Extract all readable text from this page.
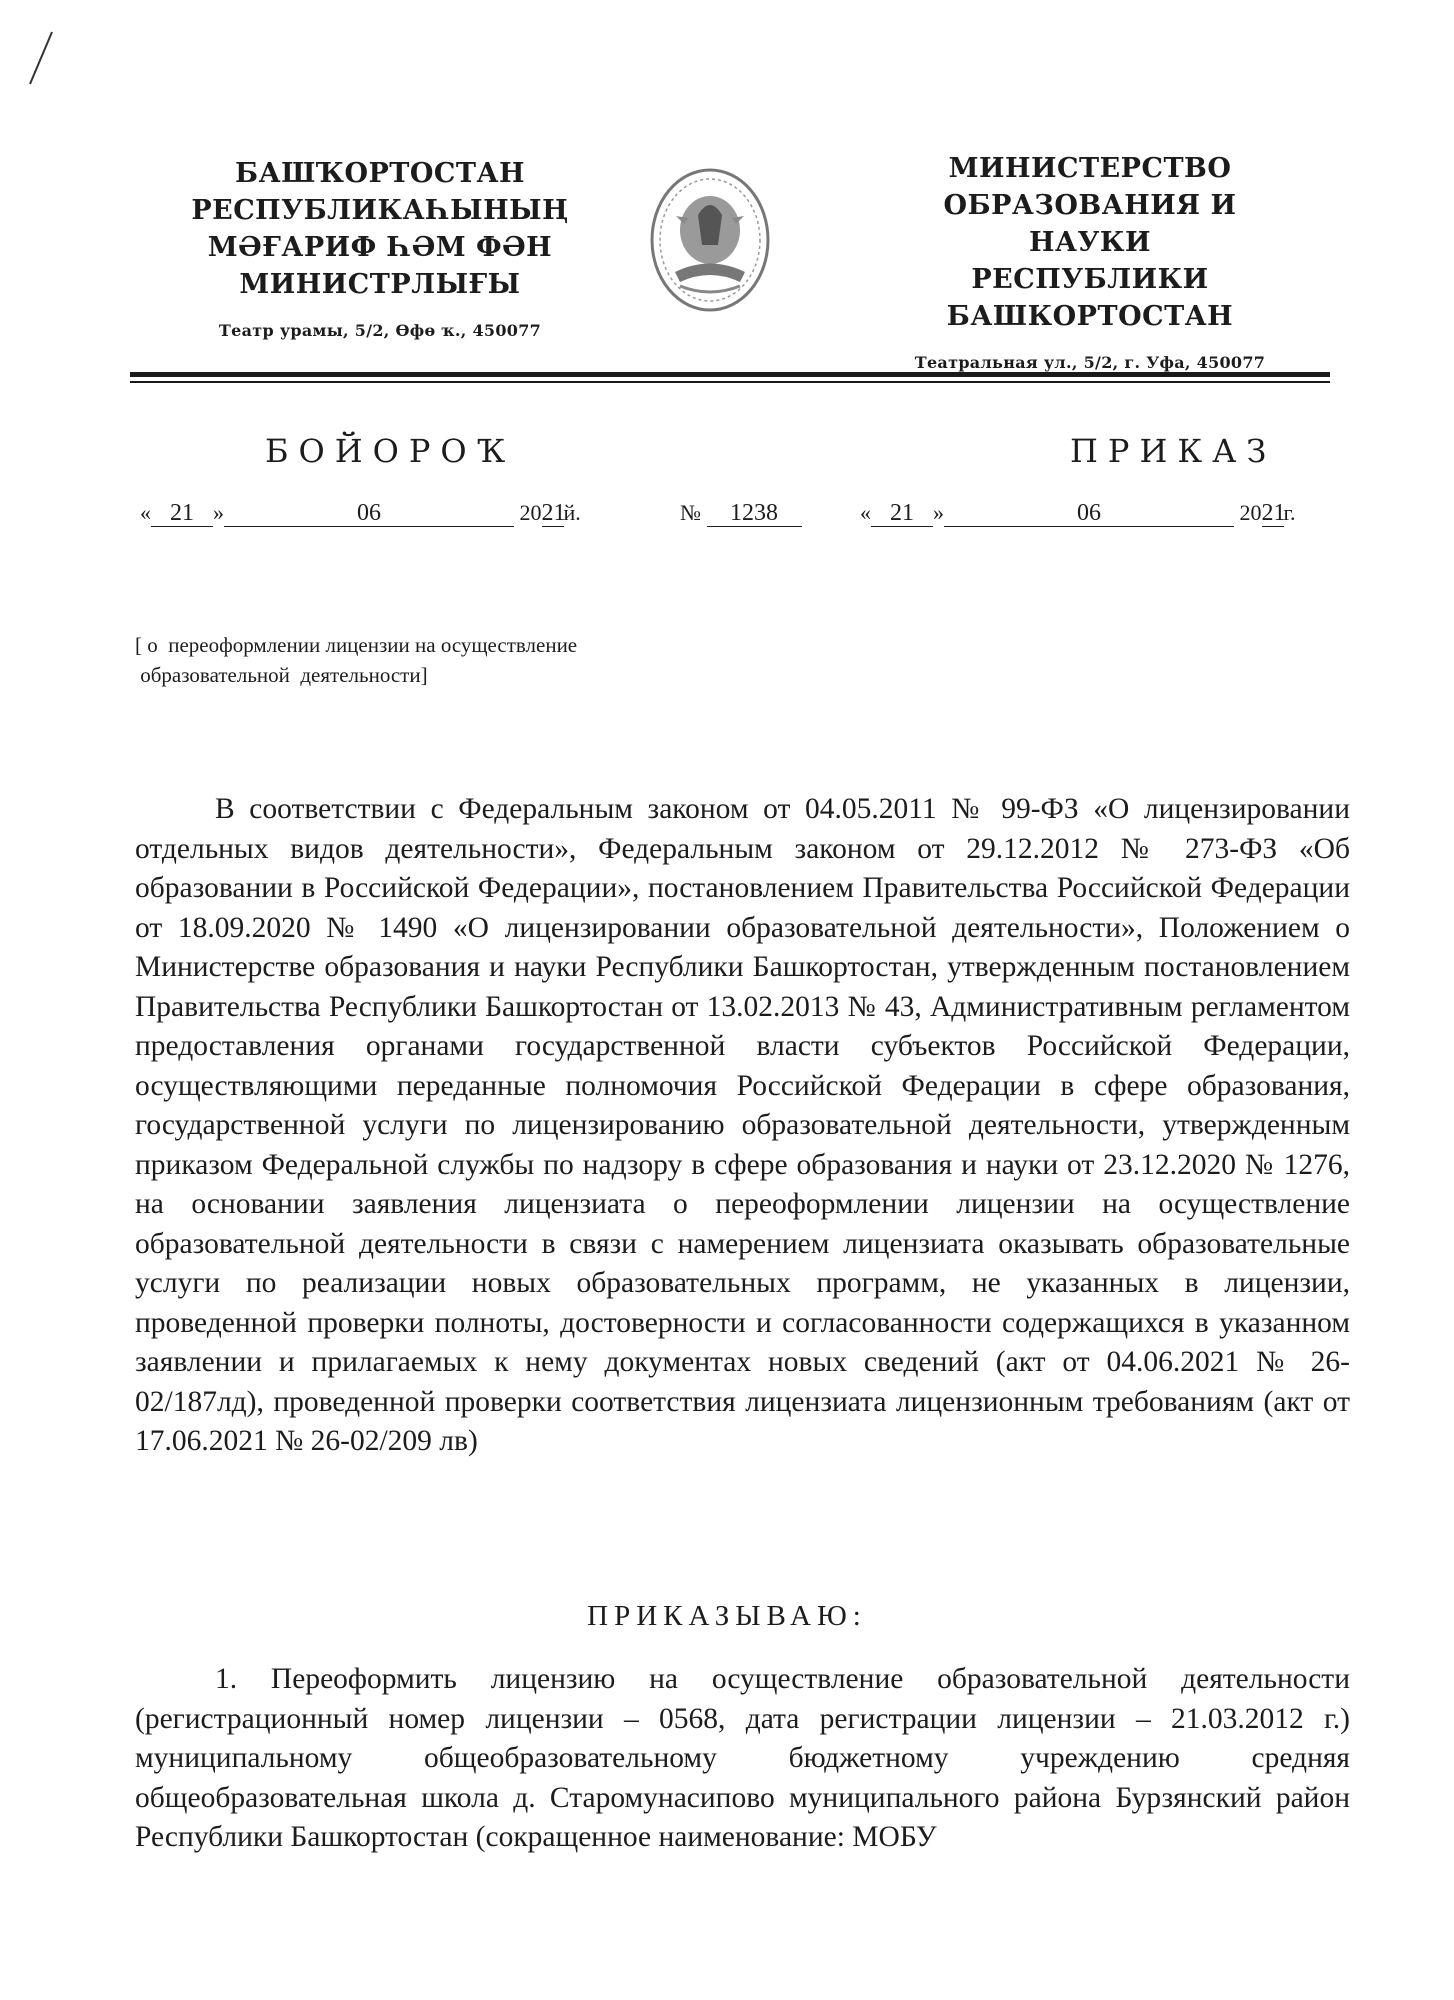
БАШҠОРТОСТАН
РЕСПУБЛИКАҺЫНЫҢ
МӘҒАРИФ ҺӘМ ФӘН
МИНИСТРЛЫҒЫ
Театр урамы, 5/2, Өфө ҡ., 450077
МИНИСТЕРСТВО
ОБРАЗОВАНИЯ И НАУКИ
РЕСПУБЛИКИ
БАШКОРТОСТАН
Театральная ул., 5/2, г. Уфа, 450077
БОЙОРОҠ	ПРИКАЗ
« 21 »	06	2021й.	№ 1238	« 21 »	06	2021г.
[ о  переоформлении лицензии на осуществление
образовательной  деятельности]
В соответствии с Федеральным законом от 04.05.2011 № 99-ФЗ «О лицензировании отдельных видов деятельности», Федеральным законом от 29.12.2012 № 273-ФЗ «Об образовании в Российской Федерации», постановлением Правительства Российской Федерации от 18.09.2020 № 1490 «О лицензировании образовательной деятельности», Положением о Министерстве образования и науки Республики Башкортостан, утвержденным постановлением Правительства Республики Башкортостан от 13.02.2013 № 43, Административным регламентом предоставления органами государственной власти субъектов Российской Федерации, осуществляющими переданные полномочия Российской Федерации в сфере образования, государственной услуги по лицензированию образовательной деятельности, утвержденным приказом Федеральной службы по надзору в сфере образования и науки от 23.12.2020 № 1276, на основании заявления лицензиата о переоформлении лицензии на осуществление образовательной деятельности в связи с намерением лицензиата оказывать образовательные услуги по реализации новых образовательных программ, не указанных в лицензии, проведенной проверки полноты, достоверности и согласованности содержащихся в указанном заявлении и прилагаемых к нему документах новых сведений (акт от 04.06.2021 № 26-02/187лд), проведенной проверки соответствия лицензиата лицензионным требованиям (акт от 17.06.2021 № 26-02/209 лв)
ПРИКАЗЫВАЮ:
1. Переоформить лицензию на осуществление образовательной деятельности (регистрационный номер лицензии – 0568, дата регистрации лицензии – 21.03.2012 г.) муниципальному общеобразовательному бюджетному учреждению средняя общеобразовательная школа д. Старомунасипово муниципального района Бурзянский район Республики Башкортостан (сокращенное наименование: МОБУ
